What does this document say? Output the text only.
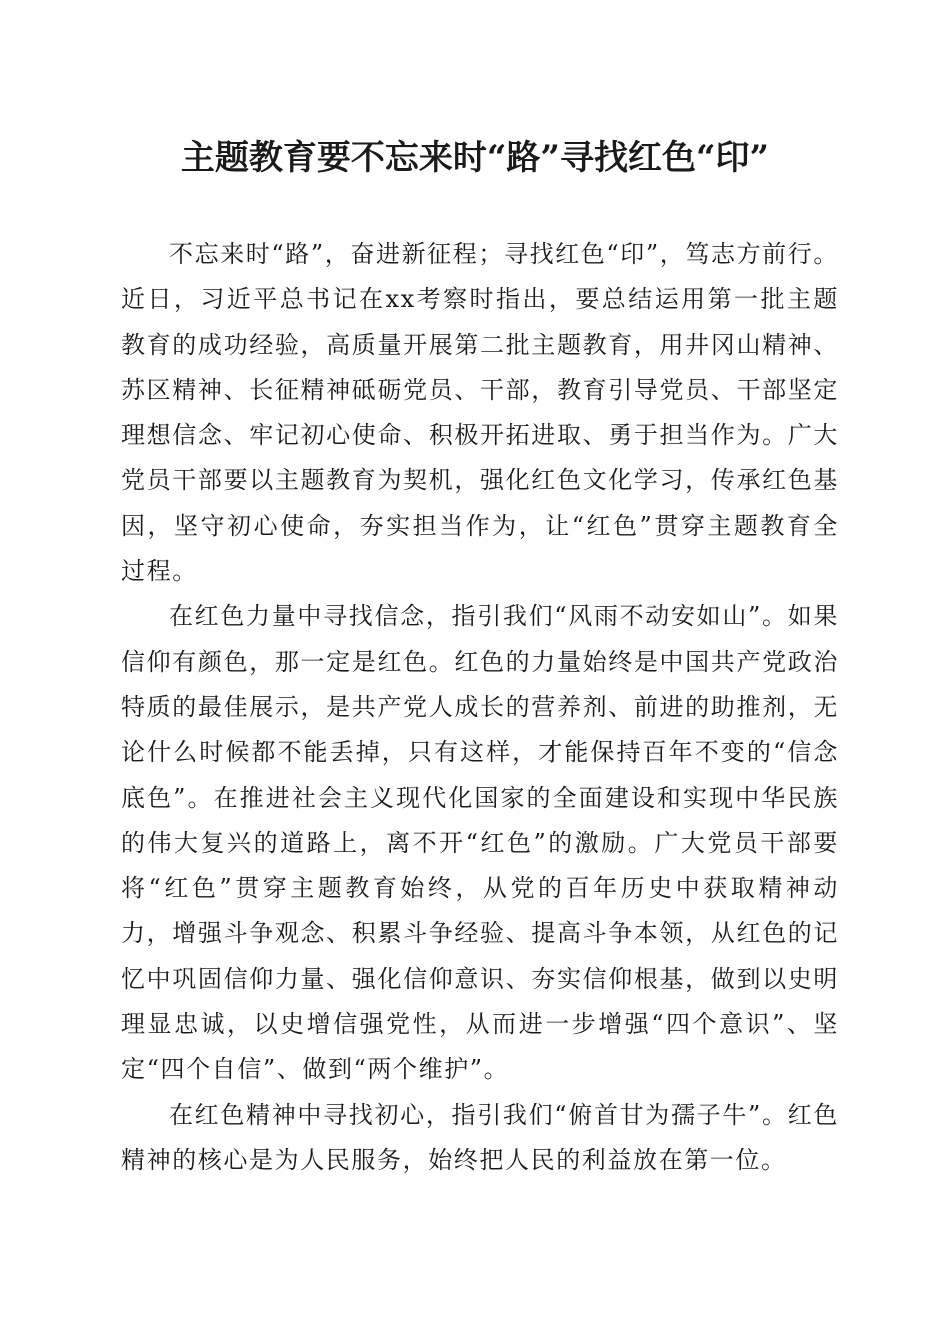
主题教育要不忘来时“路”寻找红色“印”

不忘来时“路”，奋进新征程；寻找红色“印”，笃志方前行。近日，习近平总书记在xx考察时指出，要总结运用第一批主题教育的成功经验，高质量开展第二批主题教育，用井冈山精神、苏区精神、长征精神砥砺党员、干部，教育引导党员、干部坚定理想信念、牢记初心使命、积极开拓进取、勇于担当作为。广大党员干部要以主题教育为契机，强化红色文化学习，传承红色基因，坚守初心使命，夯实担当作为，让“红色”贯穿主题教育全过程。

在红色力量中寻找信念，指引我们“风雨不动安如山”。如果信仰有颜色，那一定是红色。红色的力量始终是中国共产党政治特质的最佳展示，是共产党人成长的营养剂、前进的助推剂，无论什么时候都不能丢掉，只有这样，才能保持百年不变的“信念底色”。在推进社会主义现代化国家的全面建设和实现中华民族的伟大复兴的道路上，离不开“红色”的激励。广大党员干部要将“红色”贯穿主题教育始终，从党的百年历史中获取精神动力，增强斗争观念、积累斗争经验、提高斗争本领，从红色的记忆中巩固信仰力量、强化信仰意识、夯实信仰根基，做到以史明理显忠诚，以史增信强党性，从而进一步增强“四个意识”、坚定“四个自信”、做到“两个维护”。

在红色精神中寻找初心，指引我们“俯首甘为孺子牛”。红色精神的核心是为人民服务，始终把人民的利益放在第一位。
